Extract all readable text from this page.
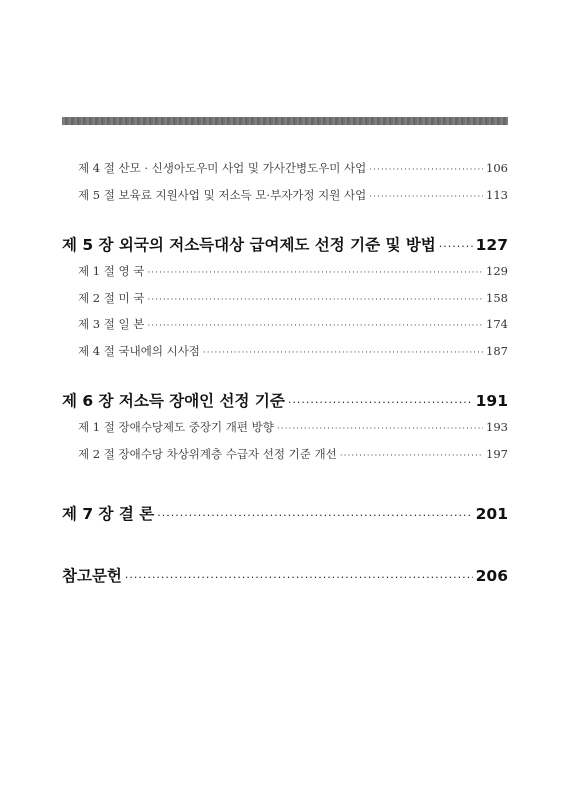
제 4 절 산모 · 신생아도우미 사업 및 가사간병도우미 사업 ·····	106
제 5 절 보육료 지원사업 및 저소득 모·부자가정 지원 사업 ·····	113
제 5 장 외국의 저소득대상 급여제도 선정 기준 및 방법 ·····	127
제 1 절 영 국 ·····	129
제 2 절 미 국 ·····	158
제 3 절 일 본 ·····	174
제 4 절 국내에의 시사점 ·····	187
제 6 장 저소득 장애인 선정 기준 ·····	191
제 1 절 장애수당제도 중장기 개편 방향 ·····	193
제 2 절 장애수당 차상위계층 수급자 선정 기준 개선 ·····	197
제 7 장 결 론 ·····	201
참고문헌 ·····	206
